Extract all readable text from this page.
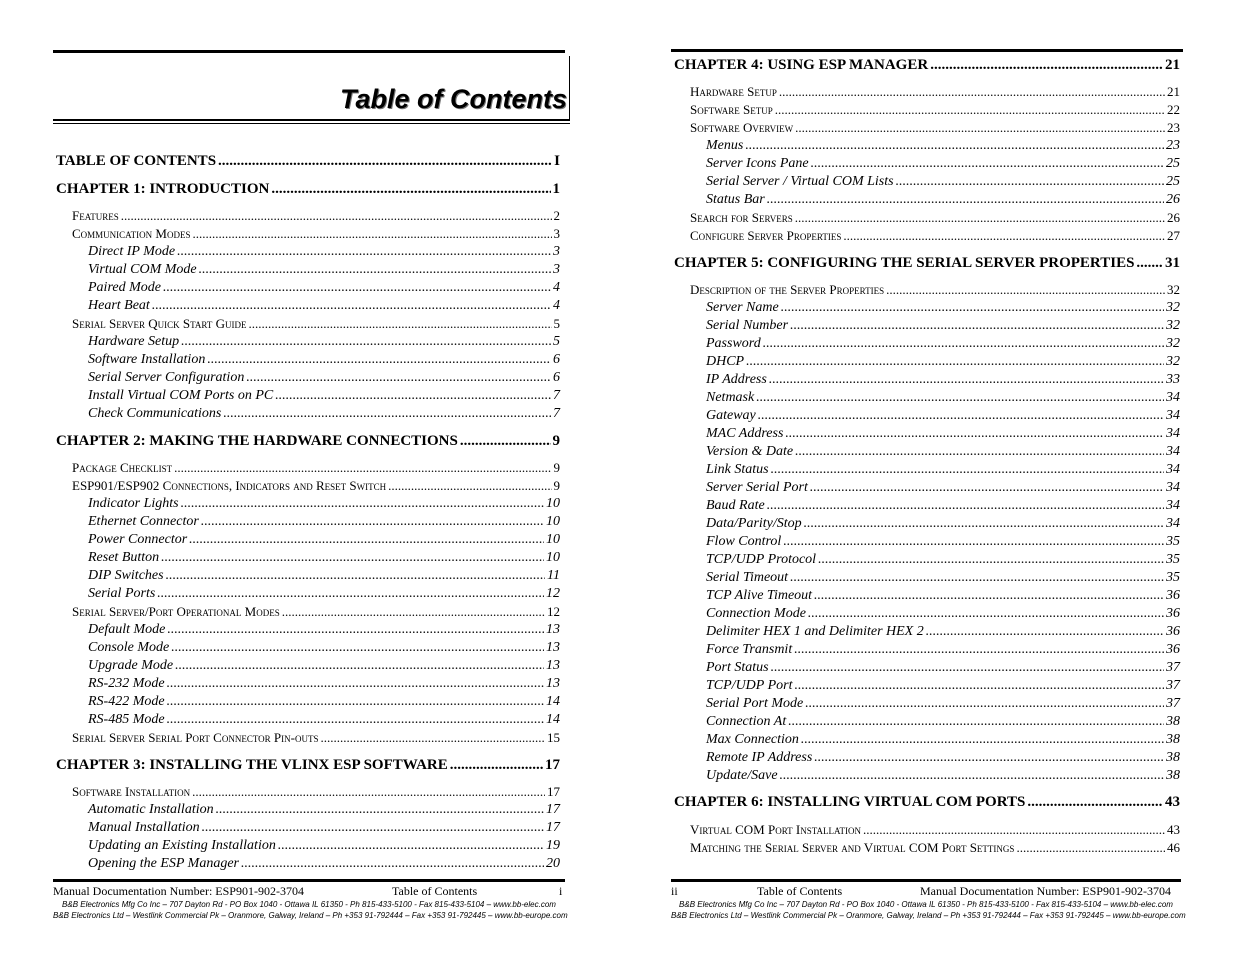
Table of Contents
TABLE OF CONTENTS .....	I
CHAPTER 1: INTRODUCTION .....	1
Features .....	2
Communication Modes .....	3
Direct IP Mode .....	3
Virtual COM Mode .....	3
Paired Mode .....	4
Heart Beat .....	4
Serial Server Quick Start Guide .....	5
Hardware Setup .....	5
Software Installation .....	6
Serial Server Configuration .....	6
Install Virtual COM Ports on PC .....	7
Check Communications .....	7
CHAPTER 2: MAKING THE HARDWARE CONNECTIONS .....	9
Package Checklist .....	9
ESP901/ESP902 Connections, Indicators and Reset Switch .....	9
Indicator Lights .....	10
Ethernet Connector .....	10
Power Connector .....	10
Reset Button .....	10
DIP Switches .....	11
Serial Ports .....	12
Serial Server/Port Operational Modes .....	12
Default Mode .....	13
Console Mode .....	13
Upgrade Mode .....	13
RS-232 Mode .....	13
RS-422 Mode .....	14
RS-485 Mode .....	14
Serial Server Serial Port Connector Pin-outs .....	15
CHAPTER 3: INSTALLING THE VLINX ESP SOFTWARE .....	17
Software Installation .....	17
Automatic Installation .....	17
Manual Installation .....	17
Updating an Existing Installation .....	19
Opening the ESP Manager .....	20
Manual Documentation Number: ESP901-902-3704	Table of Contents	i
B&B Electronics Mfg Co Inc – 707 Dayton Rd - PO Box 1040 - Ottawa IL 61350 - Ph 815-433-5100 - Fax 815-433-5104 – www.bb-elec.com
B&B Electronics Ltd – Westlink Commercial Pk – Oranmore, Galway, Ireland – Ph +353 91-792444 – Fax +353 91-792445 – www.bb-europe.com
CHAPTER 4: USING ESP MANAGER .....	21
Hardware Setup .....	21
Software Setup .....	22
Software Overview .....	23
Menus .....	23
Server Icons Pane .....	25
Serial Server / Virtual COM Lists .....	25
Status Bar .....	26
Search for Servers .....	26
Configure Server Properties .....	27
CHAPTER 5: CONFIGURING THE SERIAL SERVER PROPERTIES ..... 31
Description of the Server Properties .....	32
Server Name .....	32
Serial Number .....	32
Password .....	32
DHCP .....	32
IP Address .....	33
Netmask .....	34
Gateway .....	34
MAC Address .....	34
Version & Date .....	34
Link Status .....	34
Server Serial Port .....	34
Baud Rate .....	34
Data/Parity/Stop .....	34
Flow Control .....	35
TCP/UDP Protocol .....	35
Serial Timeout .....	35
TCP Alive Timeout .....	36
Connection Mode .....	36
Delimiter HEX 1 and Delimiter HEX 2 .....	36
Force Transmit .....	36
Port Status .....	37
TCP/UDP Port .....	37
Serial Port Mode .....	37
Connection At .....	38
Max Connection .....	38
Remote IP Address .....	38
Update/Save .....	38
CHAPTER 6: INSTALLING VIRTUAL COM PORTS .....	43
Virtual COM Port Installation .....	43
Matching the Serial Server and Virtual COM Port Settings .....	46
ii	Table of Contents	Manual Documentation Number: ESP901-902-3704
B&B Electronics Mfg Co Inc – 707 Dayton Rd - PO Box 1040 - Ottawa IL 61350 - Ph 815-433-5100 - Fax 815-433-5104 – www.bb-elec.com
B&B Electronics Ltd – Westlink Commercial Pk – Oranmore, Galway, Ireland – Ph +353 91-792444 – Fax +353 91-792445 – www.bb-europe.com
